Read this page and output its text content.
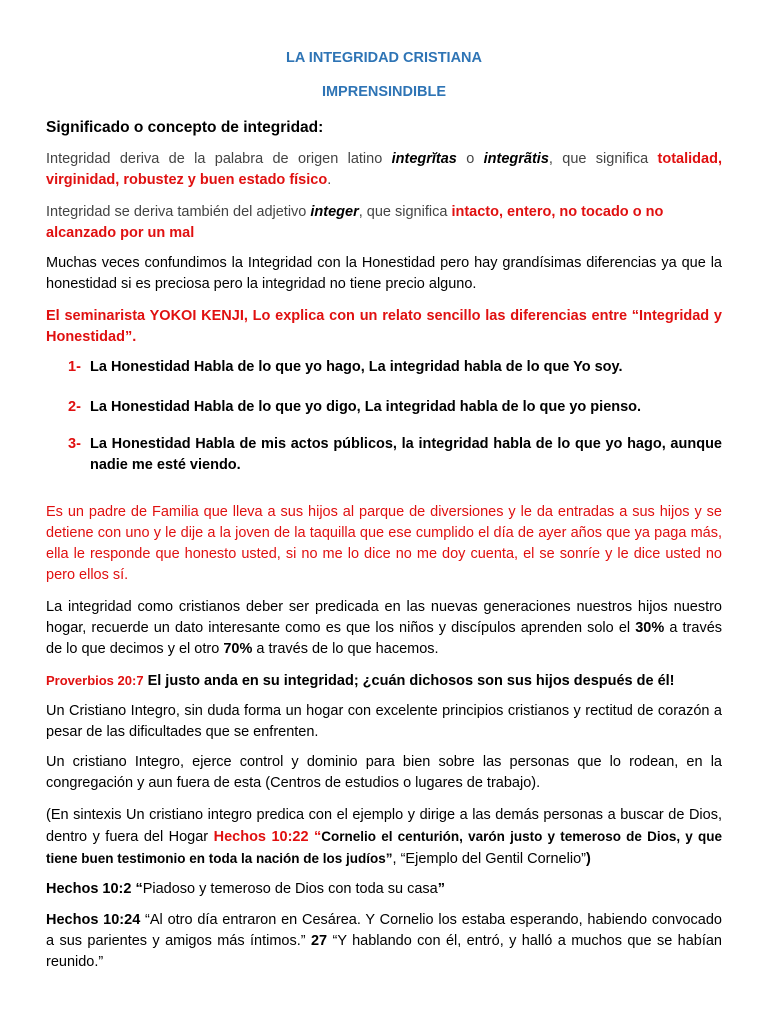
LA INTEGRIDAD CRISTIANA
IMPRENSINDIBLE
Significado o concepto de integridad:
Integridad deriva de la palabra de origen latino integrĭtas o integrãtis, que significa totalidad, virginidad, robustez y buen estado físico.
Integridad se deriva también del adjetivo integer, que significa intacto, entero, no tocado o no alcanzado por un mal
Muchas veces confundimos la Integridad con la Honestidad pero hay grandísimas diferencias ya que la honestidad si es preciosa pero la integridad no tiene precio alguno.
El seminarista YOKOI KENJI, Lo explica con un relato sencillo las diferencias entre “Integridad y Honestidad”.
1- La Honestidad Habla de lo que yo hago, La integridad habla de lo que Yo soy.
2- La Honestidad Habla de lo que yo digo, La integridad habla de lo que yo pienso.
3- La Honestidad Habla de mis actos públicos, la integridad habla de lo que yo hago, aunque nadie me esté viendo.
Es un padre de Familia que lleva a sus hijos al parque de diversiones y le da entradas a sus hijos y se detiene con uno y le dije a la joven de la taquilla que ese cumplido el día de ayer años que ya paga más, ella le responde que honesto usted, si no me lo dice no me doy cuenta, el se sonríe y le dice usted no pero ellos sí.
La integridad como cristianos deber ser predicada en las nuevas generaciones nuestros hijos nuestro hogar, recuerde un dato interesante como es que los niños y discípulos aprenden solo el 30% a través de lo que decimos y el otro 70% a través de lo que hacemos.
Proverbios 20:7 El justo anda en su integridad; ¿cuán dichosos son sus hijos después de él!
Un Cristiano Integro, sin duda forma un hogar con excelente principios cristianos y rectitud de corazón a pesar de las dificultades que se enfrenten.
Un cristiano Integro, ejerce control y dominio para bien sobre las personas que lo rodean, en la congregación y aun fuera de esta (Centros de estudios o lugares de trabajo).
(En sintexis Un cristiano integro predica con el ejemplo y dirige a las demás personas a buscar de Dios, dentro y fuera del Hogar Hechos 10:22 “Cornelio el centurión, varón justo y temeroso de Dios, y que tiene buen testimonio en toda la nación de los judíos”, “Ejemplo del Gentil Cornelio”)
Hechos 10:2 “Piadoso y temeroso de Dios con toda su casa”
Hechos 10:24 “Al otro día entraron en Cesárea. Y Cornelio los estaba esperando, habiendo convocado a sus parientes y amigos más íntimos.” 27 “Y hablando con él, entró, y halló a muchos que se habían reunido.”
